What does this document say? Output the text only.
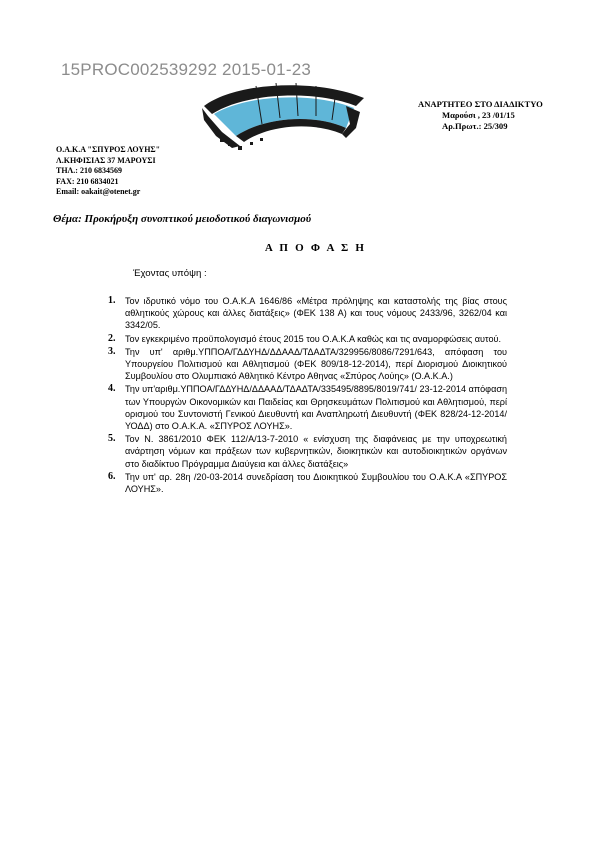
15PROC002539292 2015-01-23
ΑΝΑΡΤΗΤΕΟ ΣΤΟ ΔΙΑΔΙΚΤΥΟ
Μαρούσι , 23 /01/15
Αρ.Πρωτ.: 25/309
Ο.Α.Κ.Α "ΣΠΥΡΟΣ ΛΟΥΗΣ"
Λ.ΚΗΦΙΣΙΑΣ 37 ΜΑΡΟΥΣΙ
ΤΗΛ.: 210 6834569
FAX: 210 6834021
Email: oakait@otenet.gr
Θέμα: Προκήρυξη συνοπτικού μειοδοτικού διαγωνισμού
Α Π Ο Φ Α Σ Η
Έχοντας υπόψη :
1. Τον ιδρυτικό νόμο του Ο.Α.Κ.Α 1646/86 «Μέτρα πρόληψης και καταστολής της βίας στους αθλητικούς χώρους και άλλες διατάξεις» (ΦΕΚ 138 Α) και τους νόμους 2433/96, 3262/04 και 3342/05.
2. Τον εγκεκριμένο προϋπολογισμό έτους 2015 του Ο.Α.Κ.Α καθώς και τις αναμορφώσεις αυτού.
3. Την υπ' αριθμ.ΥΠΠΟΑ/ΓΔΔΥΗΔ/ΔΔΑΑΔ/ΤΔΑΔΤΑ/329956/8086/7291/643, απόφαση του Υπουργείου Πολιτισμού και Αθλητισμού (ΦΕΚ 809/18-12-2014), περί Διορισμού Διοικητικού Συμβουλίου στο Ολυμπιακό Αθλητικό Κέντρο Αθηνας «Σπύρος Λούης» (Ο.Α.Κ.Α.)
4. Την υπ'αριθμ.ΥΠΠΟΑ/ΓΔΔΥΗΔ/ΔΔΑΑΔ/ΤΔΑΔΤΑ/335495/8895/8019/741/ 23-12-2014 απόφαση των Υπουργών Οικονομικών και Παιδείας και Θρησκευμάτων Πολιτισμού και Αθλητισμού, περί ορισμού του Συντονιστή Γενικού Διευθυντή και Αναπληρωτή Διευθυντή (ΦΕΚ 828/24-12-2014/ΥΟΔΔ) στο Ο.Α.Κ.Α. «ΣΠΥΡΟΣ ΛΟΥΗΣ».
5. Τον Ν. 3861/2010 ΦΕΚ 112/Α/13-7-2010 « ενίσχυση της διαφάνειας με την υποχρεωτική ανάρτηση νόμων και πράξεων των κυβερνητικών, διοικητικών και αυτοδιοικητικών οργάνων στο διαδίκτυο Πρόγραμμα Διαύγεια και άλλες διατάξεις»
6. Την υπ' αρ. 28η /20-03-2014 συνεδρίαση του Διοικητικού Συμβουλίου του Ο.Α.Κ.Α «ΣΠΥΡΟΣ ΛΟΥΗΣ».
